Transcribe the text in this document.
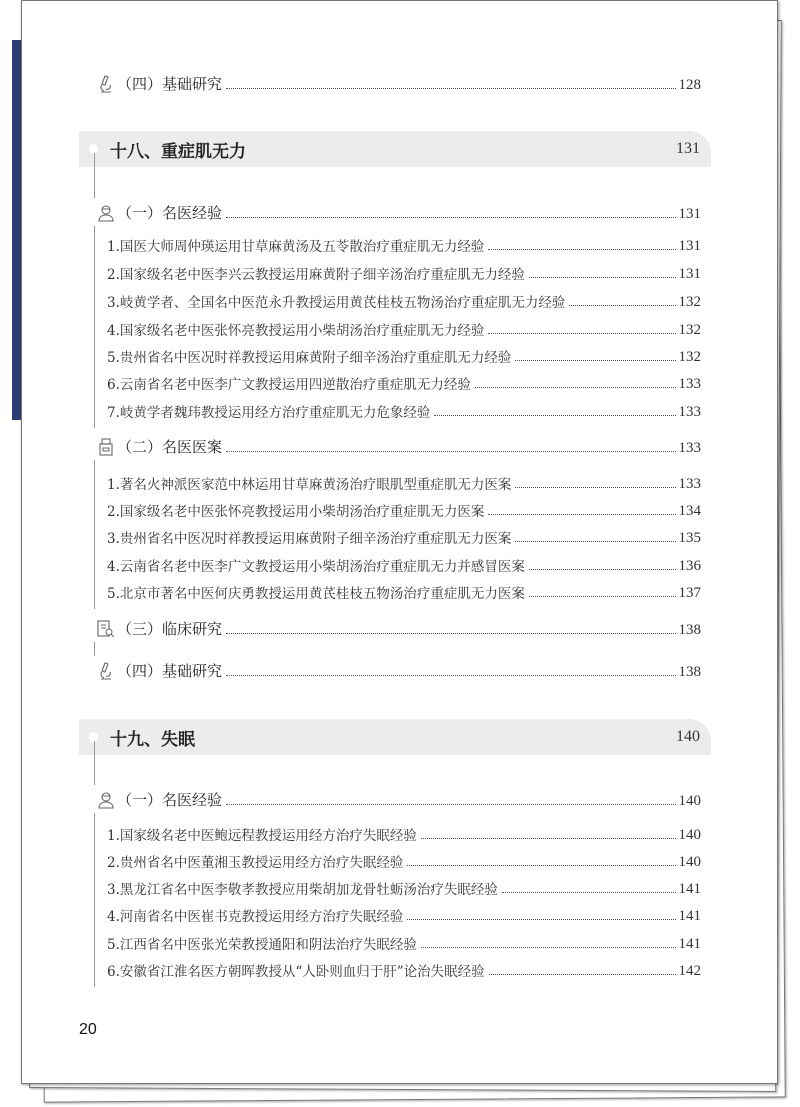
20
（四）基础研究	128
十八、重症肌无力	131
（一）名医经验	131
1.国医大师周仲瑛运用甘草麻黄汤及五苓散治疗重症肌无力经验	131
2.国家级名老中医李兴云教授运用麻黄附子细辛汤治疗重症肌无力经验	131
3.岐黄学者、全国名中医范永升教授运用黄芪桂枝五物汤治疗重症肌无力经验	132
4.国家级名老中医张怀亮教授运用小柴胡汤治疗重症肌无力经验	132
5.贵州省名中医况时祥教授运用麻黄附子细辛汤治疗重症肌无力经验	132
6.云南省名老中医李广文教授运用四逆散治疗重症肌无力经验	133
7.岐黄学者魏玮教授运用经方治疗重症肌无力危象经验	133
（二）名医医案	133
1.著名火神派医家范中林运用甘草麻黄汤治疗眼肌型重症肌无力医案	133
2.国家级名老中医张怀亮教授运用小柴胡汤治疗重症肌无力医案	134
3.贵州省名中医况时祥教授运用麻黄附子细辛汤治疗重症肌无力医案	135
4.云南省名老中医李广文教授运用小柴胡汤治疗重症肌无力并感冒医案	136
5.北京市著名中医何庆勇教授运用黄芪桂枝五物汤治疗重症肌无力医案	137
（三）临床研究	138
（四）基础研究	138
十九、失眠	140
（一）名医经验	140
1.国家级名老中医鲍远程教授运用经方治疗失眠经验	140
2.贵州省名中医董湘玉教授运用经方治疗失眠经验	140
3.黑龙江省名中医李敬孝教授应用柴胡加龙骨牡蛎汤治疗失眠经验	141
4.河南省名中医崔书克教授运用经方治疗失眠经验	141
5.江西省名中医张光荣教授通阳和阴法治疗失眠经验	141
6.安徽省江淮名医方朝晖教授从“人卧则血归于肝”论治失眠经验	142
